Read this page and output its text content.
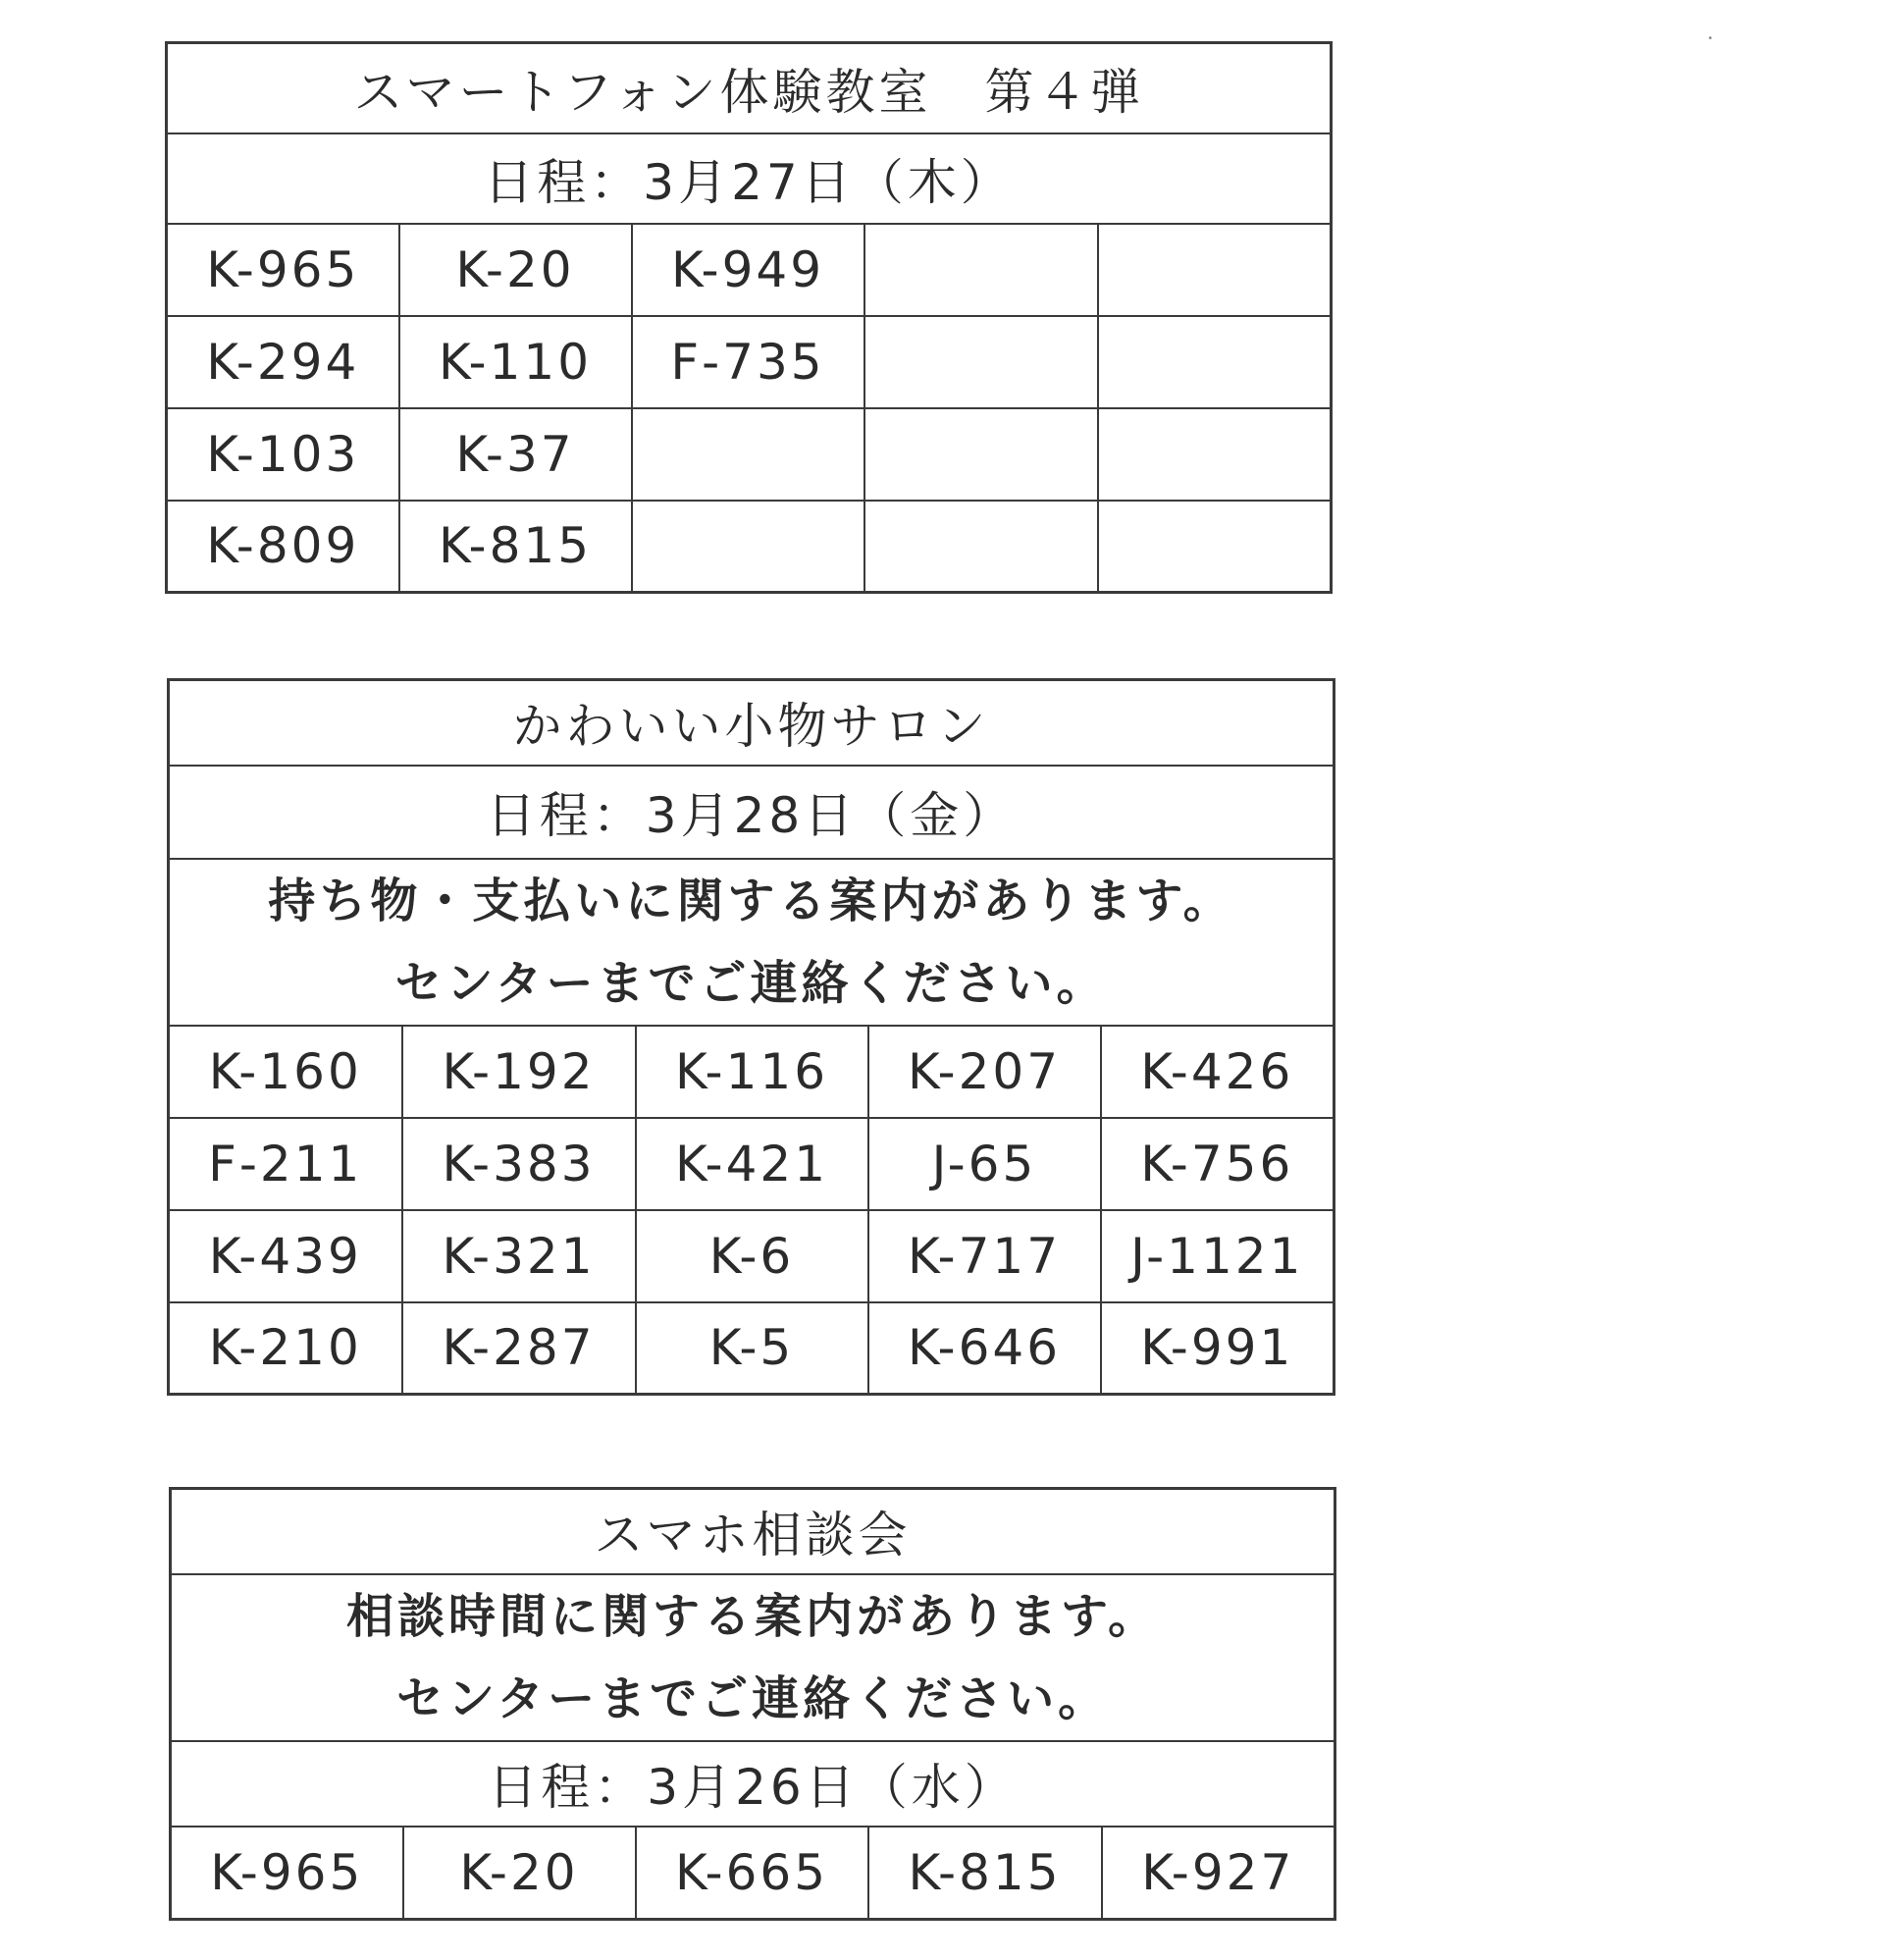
•
スマートフォン体験教室　第４弾				
日程：3月27日（木）				
K-965	K-20	K-949		
K-294	K-110	F-735		
K-103	K-37			
K-809	K-815			
かわいい小物サロン				
日程：3月28日（金）				

持ち物・支払いに関する案内があります。
センターまでご連絡ください。				

K-160	K-192	K-116	K-207	K-426
F-211	K-383	K-421	J-65	K-756
K-439	K-321	K-6	K-717	J-1121
K-210	K-287	K-5	K-646	K-991
スマホ相談会

相談時間に関する案内があります。
センターまでご連絡ください。

日程：3月26日（水）
K-965	K-20	K-665	K-815	K-927
